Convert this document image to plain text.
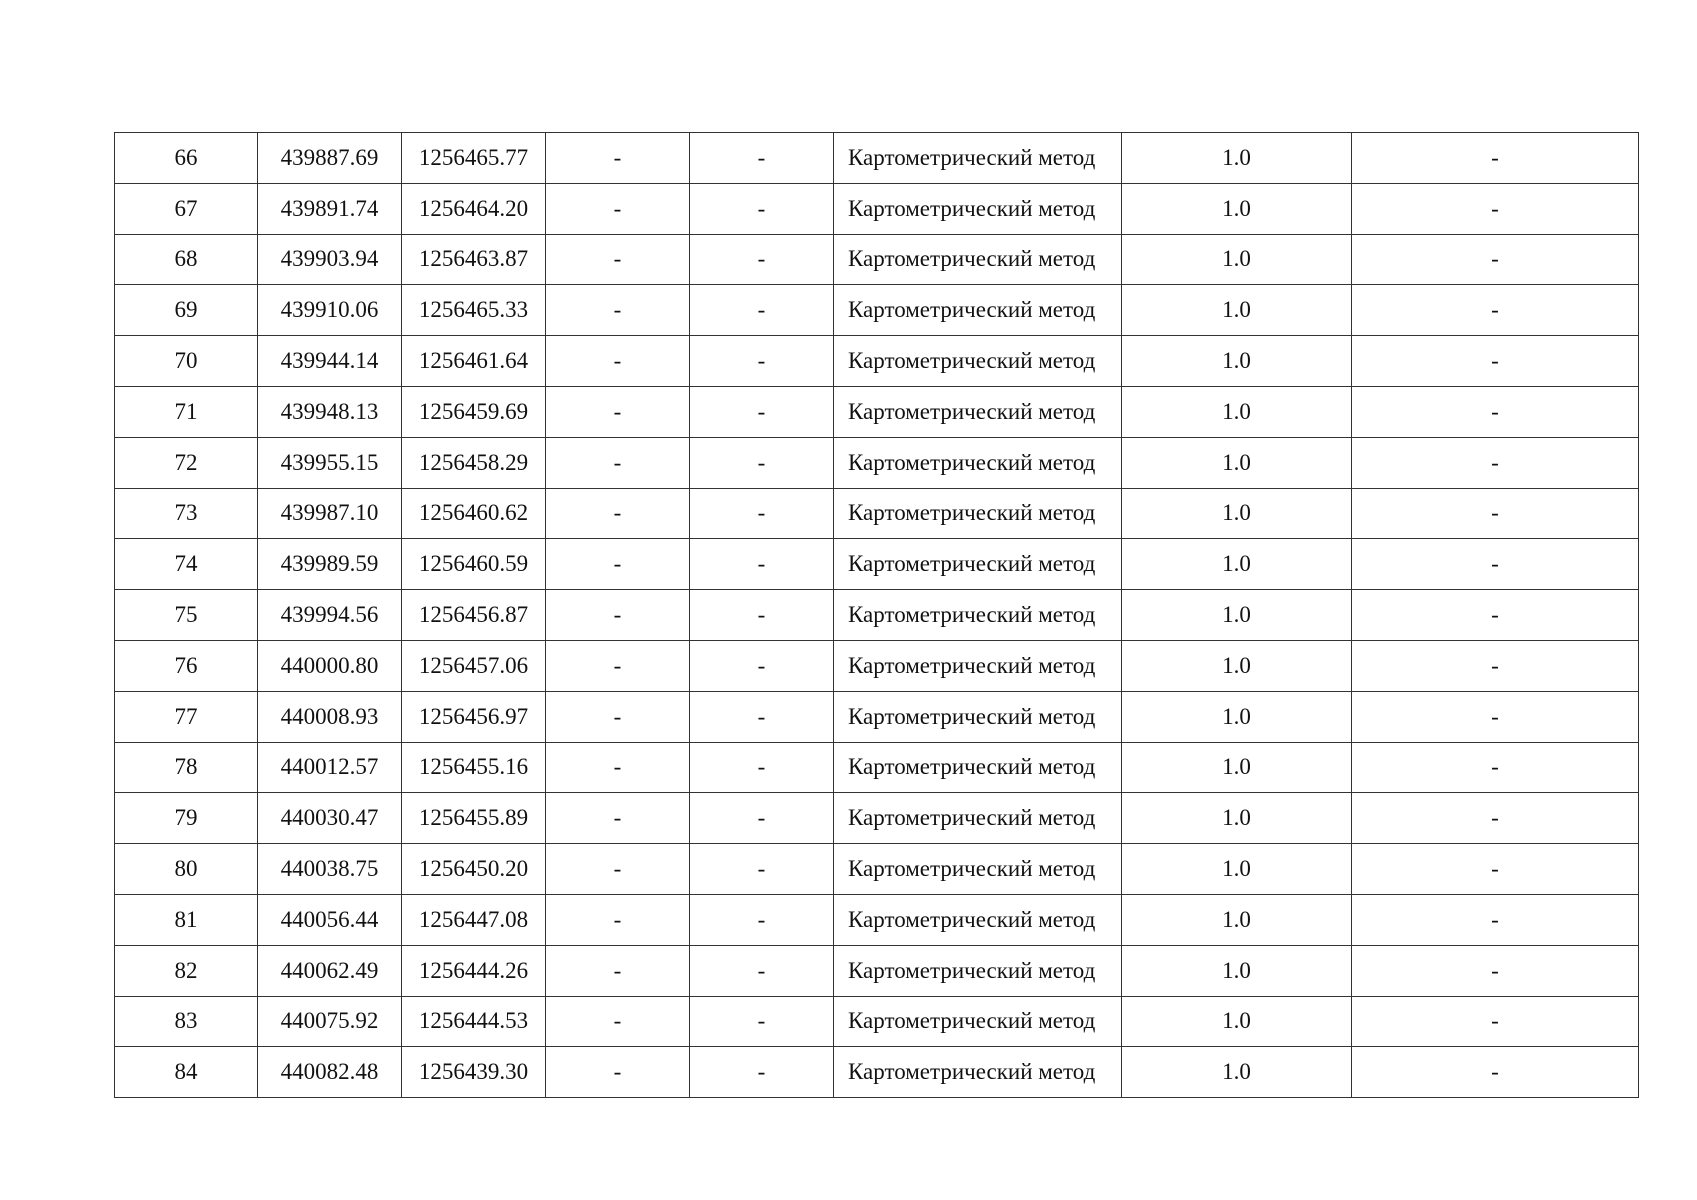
66	439887.69	1256465.77	-	-	Картометрический метод	1.0	-
67	439891.74	1256464.20	-	-	Картометрический метод	1.0	-
68	439903.94	1256463.87	-	-	Картометрический метод	1.0	-
69	439910.06	1256465.33	-	-	Картометрический метод	1.0	-
70	439944.14	1256461.64	-	-	Картометрический метод	1.0	-
71	439948.13	1256459.69	-	-	Картометрический метод	1.0	-
72	439955.15	1256458.29	-	-	Картометрический метод	1.0	-
73	439987.10	1256460.62	-	-	Картометрический метод	1.0	-
74	439989.59	1256460.59	-	-	Картометрический метод	1.0	-
75	439994.56	1256456.87	-	-	Картометрический метод	1.0	-
76	440000.80	1256457.06	-	-	Картометрический метод	1.0	-
77	440008.93	1256456.97	-	-	Картометрический метод	1.0	-
78	440012.57	1256455.16	-	-	Картометрический метод	1.0	-
79	440030.47	1256455.89	-	-	Картометрический метод	1.0	-
80	440038.75	1256450.20	-	-	Картометрический метод	1.0	-
81	440056.44	1256447.08	-	-	Картометрический метод	1.0	-
82	440062.49	1256444.26	-	-	Картометрический метод	1.0	-
83	440075.92	1256444.53	-	-	Картометрический метод	1.0	-
84	440082.48	1256439.30	-	-	Картометрический метод	1.0	-
